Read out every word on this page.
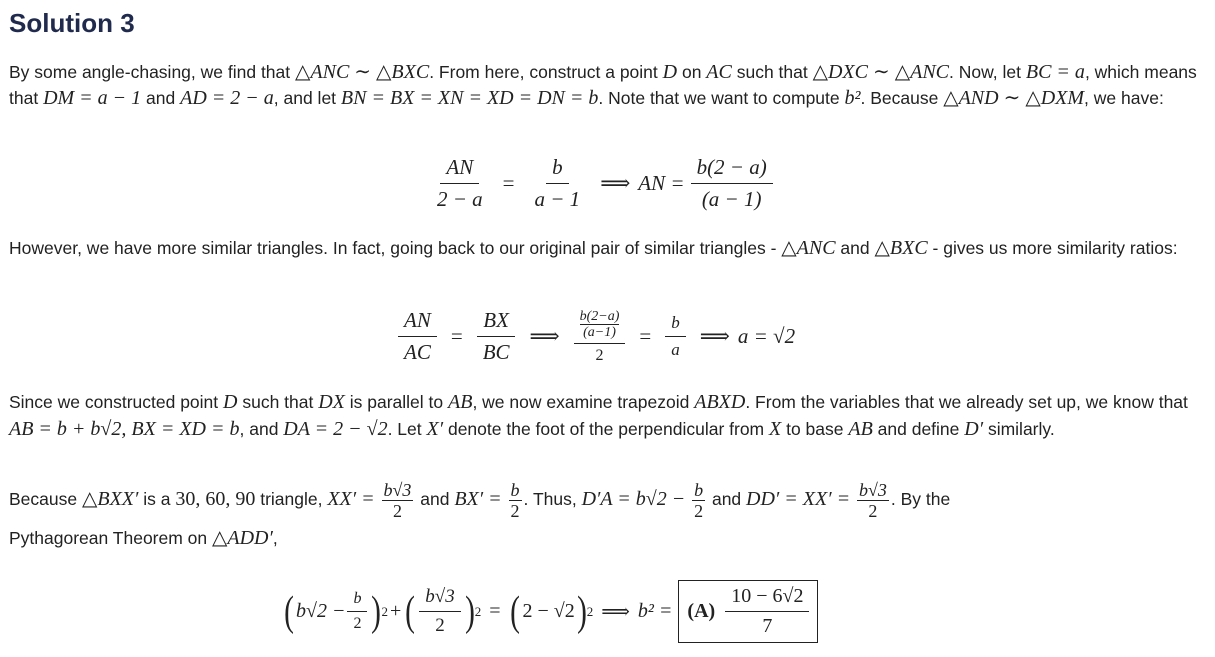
Solution 3
By some angle-chasing, we find that △ANC ∼ △BXC. From here, construct a point D on AC such that △DXC ∼ △ANC. Now, let BC = a, which means that DM = a − 1 and AD = 2 − a, and let BN = BX = XN = XD = DN = b. Note that we want to compute b². Because △AND ∼ △DXM, we have:
$\frac{AN}{2 - a} = \frac{b}{a - 1}$ ⟹ AN = $\frac{b(2 - a)}{(a - 1)}$
However, we have more similar triangles. In fact, going back to our original pair of similar triangles - △ANC and △BXC - gives us more similarity ratios:
$\frac{AN}{AC} = \frac{BX}{BC}$ ⟹ $\frac{\frac{b(2-a)}{(a-1)}}{2} = \frac{b}{a}$ ⟹ a = √2
Since we constructed point D such that DX is parallel to AB, we now examine trapezoid ABXD. From the variables that we already set up, we know that AB = b + b√2, BX = XD = b, and DA = 2 − √2. Let X′ denote the foot of the perpendicular from X to base AB and define D′ similarly.
Because △BXX′ is a 30, 60, 90 triangle, $XX' = \frac{b√3}{2}$ and $BX' = \frac{b}{2}$ . Thus, $D'A = b√2 - \frac{b}{2}$ and $DD' = XX' = \frac{b√3}{2}$ . By the
Pythagorean Theorem on △ADD′,
( $b√2 - \frac{b}{2}$ ) 2 + ( $\frac{b√3}{2}$ ) 2 = ( 2 − √2 ) 2 ⟹ $b^2 = (A) \frac{10 - 6√2}{7}$
